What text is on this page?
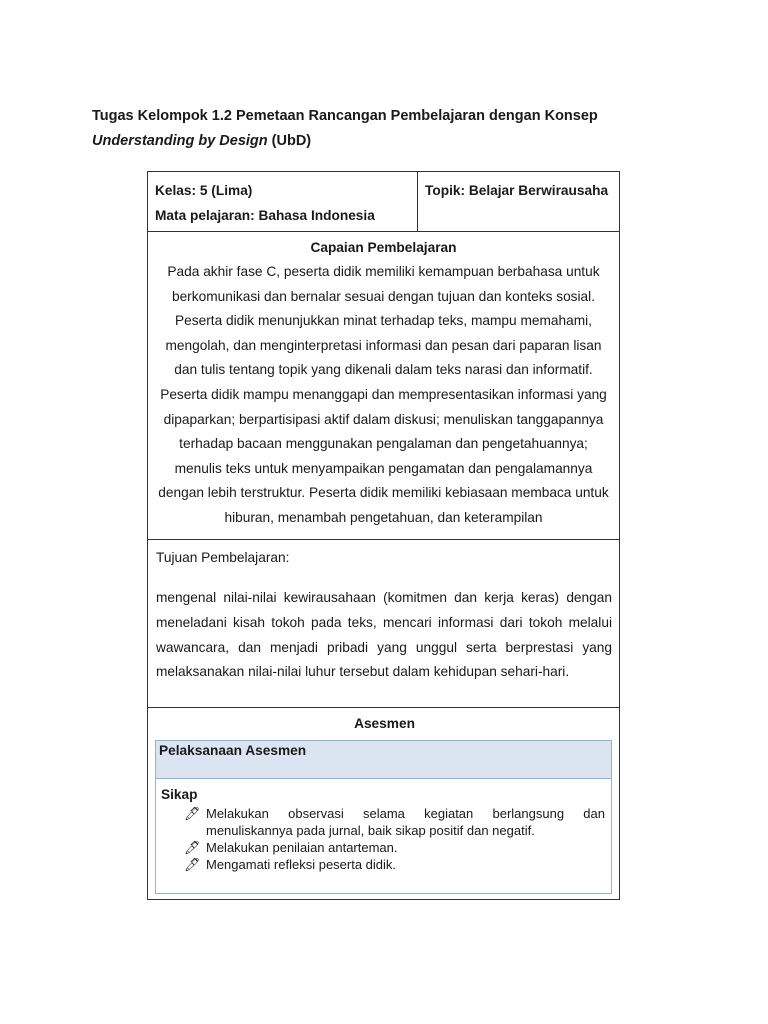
Tugas Kelompok 1.2 Pemetaan Rancangan Pembelajaran dengan Konsep Understanding by Design (UbD)
Kelas: 5 (Lima)
Mata pelajaran: Bahasa Indonesia

Topik: Belajar Berwirausaha

Capaian Pembelajaran
Pada akhir fase C, peserta didik memiliki kemampuan berbahasa untuk berkomunikasi dan bernalar sesuai dengan tujuan dan konteks sosial. Peserta didik menunjukkan minat terhadap teks, mampu memahami, mengolah, dan menginterpretasi informasi dan pesan dari paparan lisan dan tulis tentang topik yang dikenali dalam teks narasi dan informatif. Peserta didik mampu menanggapi dan mempresentasikan informasi yang dipaparkan; berpartisipasi aktif dalam diskusi; menuliskan tanggapannya terhadap bacaan menggunakan pengalaman dan pengetahuannya; menulis teks untuk menyampaikan pengamatan dan pengalamannya dengan lebih terstruktur. Peserta didik memiliki kebiasaan membaca untuk hiburan, menambah pengetahuan, dan keterampilan

Tujuan Pembelajaran:
mengenal nilai-nilai kewirausahaan (komitmen dan kerja keras) dengan meneladani kisah tokoh pada teks, mencari informasi dari tokoh melalui wawancara, dan menjadi pribadi yang unggul serta berprestasi yang melaksanakan nilai-nilai luhur tersebut dalam kehidupan sehari-hari.

Asesmen
Pelaksanaan Asesmen
Sikap
🖊︎ Melakukan observasi selama kegiatan berlangsung dan menuliskannya pada jurnal, baik sikap positif dan negatif.
🖊︎ Melakukan penilaian antarteman.
🖊︎ Mengamati refleksi peserta didik.
